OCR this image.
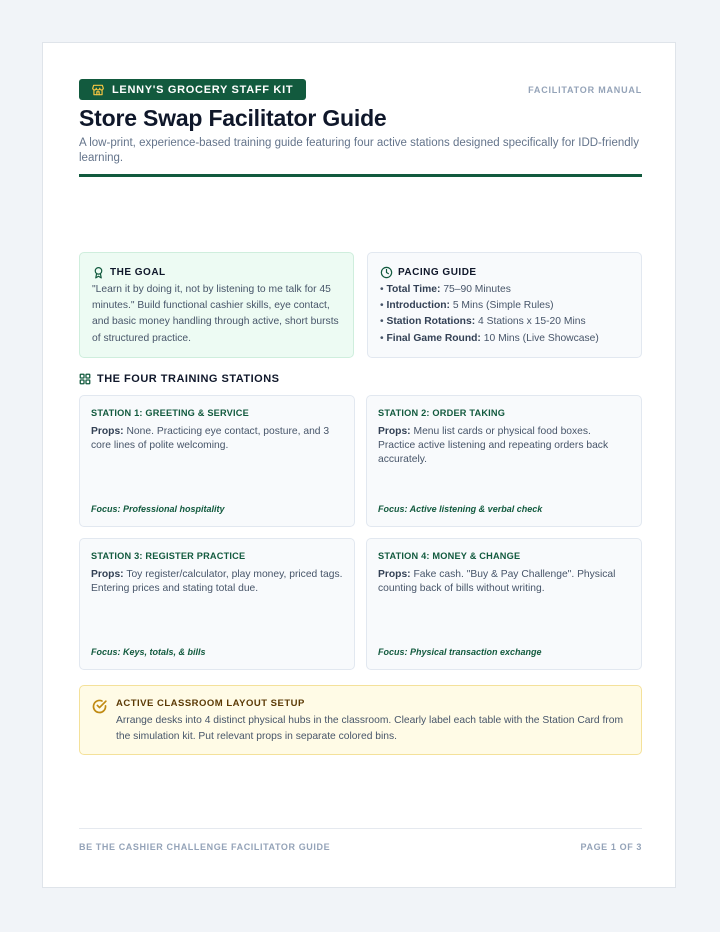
LENNY'S GROCERY STAFF KIT	FACILITATOR MANUAL
Store Swap Facilitator Guide

A low-print, experience-based training guide featuring four active stations designed specifically for IDD-friendly learning.

THE GOAL

"Learn it by doing it, not by listening to me talk for 45 minutes." Build functional cashier skills, eye contact, and basic money handling through active, short bursts of structured practice.

PACING GUIDE
• Total Time: 75–90 Minutes
• Introduction: 5 Mins (Simple Rules)
• Station Rotations: 4 Stations x 15-20 Mins
• Final Game Round: 10 Mins (Live Showcase)
THE FOUR TRAINING STATIONS
STATION 1: GREETING & SERVICE

Props: None. Practicing eye contact, posture, and 3 core lines of polite welcoming.

Focus: Professional hospitality
STATION 2: ORDER TAKING

Props: Menu list cards or physical food boxes. Practice active listening and repeating orders back accurately.

Focus: Active listening & verbal check
STATION 3: REGISTER PRACTICE

Props: Toy register/calculator, play money, priced tags. Entering prices and stating total due.

Focus: Keys, totals, & bills
STATION 4: MONEY & CHANGE

Props: Fake cash. "Buy & Pay Challenge". Physical counting back of bills without writing.

Focus: Physical transaction exchange
ACTIVE CLASSROOM LAYOUT SETUP

Arrange desks into 4 distinct physical hubs in the classroom. Clearly label each table with the Station Card from the simulation kit. Put relevant props in separate colored bins.

BE THE CASHIER CHALLENGE FACILITATOR GUIDE	PAGE 1 OF 3
